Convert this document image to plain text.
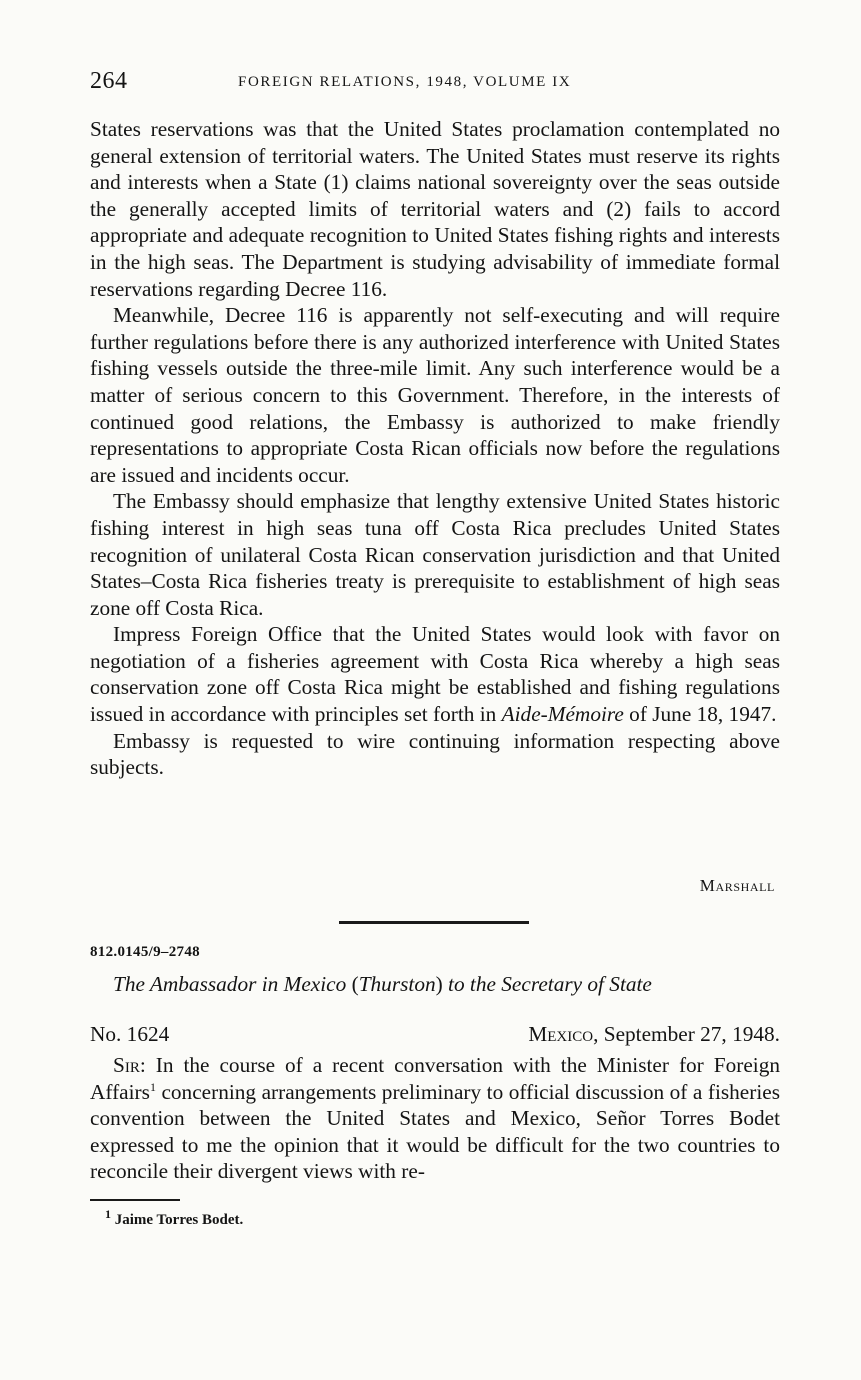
264	FOREIGN RELATIONS, 1948, VOLUME IX

States reservations was that the United States proclamation contemplated no general extension of territorial waters. The United States must reserve its rights and interests when a State (1) claims national sovereignty over the seas outside the generally accepted limits of territorial waters and (2) fails to accord appropriate and adequate recognition to United States fishing rights and interests in the high seas. The Department is studying advisability of immediate formal reservations regarding Decree 116.

Meanwhile, Decree 116 is apparently not self-executing and will require further regulations before there is any authorized interference with United States fishing vessels outside the three-mile limit. Any such interference would be a matter of serious concern to this Government. Therefore, in the interests of continued good relations, the Embassy is authorized to make friendly representations to appropriate Costa Rican officials now before the regulations are issued and incidents occur.

The Embassy should emphasize that lengthy extensive United States historic fishing interest in high seas tuna off Costa Rica precludes United States recognition of unilateral Costa Rican conservation jurisdiction and that United States–Costa Rica fisheries treaty is prerequisite to establishment of high seas zone off Costa Rica.

Impress Foreign Office that the United States would look with favor on negotiation of a fisheries agreement with Costa Rica whereby a high seas conservation zone off Costa Rica might be established and fishing regulations issued in accordance with principles set forth in Aide-Mémoire of June 18, 1947.

Embassy is requested to wire continuing information respecting above subjects.

Marshall
812.0145/9–2748
The Ambassador in Mexico (Thurston) to the Secretary of State
No. 1624	Mexico, September 27, 1948.

Sir: In the course of a recent conversation with the Minister for Foreign Affairs$^1$ concerning arrangements preliminary to official discussion of a fisheries convention between the United States and Mexico, Señor Torres Bodet expressed to me the opinion that it would be difficult for the two countries to reconcile their divergent views with re-

$^1$ Jaime Torres Bodet.
